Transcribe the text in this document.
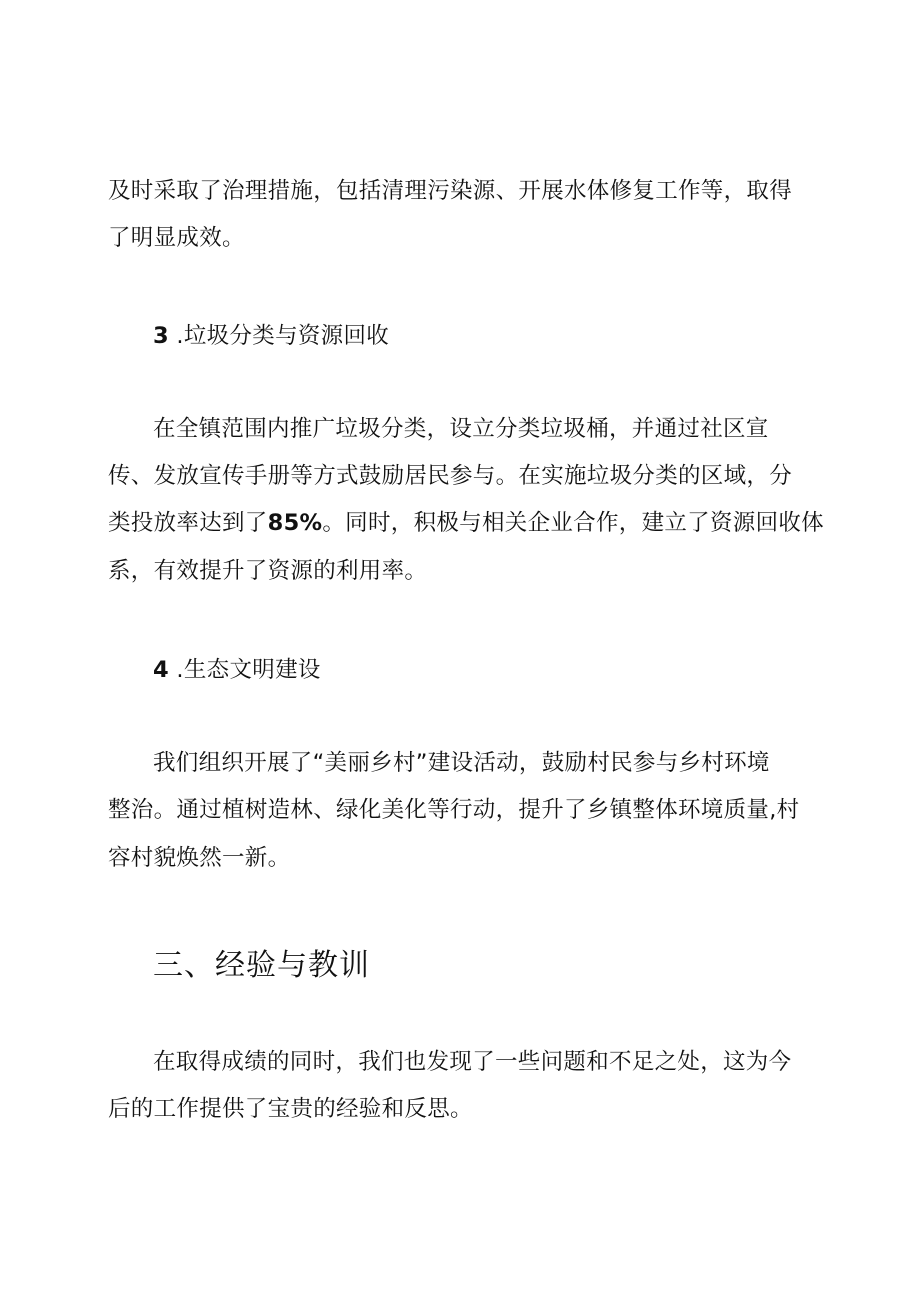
及时采取了治理措施，包括清理污染源、开展水体修复工作等，取得
了明显成效。
3 .垃圾分类与资源回收
在全镇范围内推广垃圾分类，设立分类垃圾桶，并通过社区宣
传、发放宣传手册等方式鼓励居民参与。在实施垃圾分类的区域，分
类投放率达到了85%。同时，积极与相关企业合作，建立了资源回收体
系，有效提升了资源的利用率。
4 .生态文明建设
我们组织开展了“美丽乡村”建设活动，鼓励村民参与乡村环境
整治。通过植树造林、绿化美化等行动，提升了乡镇整体环境质量,村
容村貌焕然一新。
三、经验与教训
在取得成绩的同时，我们也发现了一些问题和不足之处，这为今
后的工作提供了宝贵的经验和反思。
